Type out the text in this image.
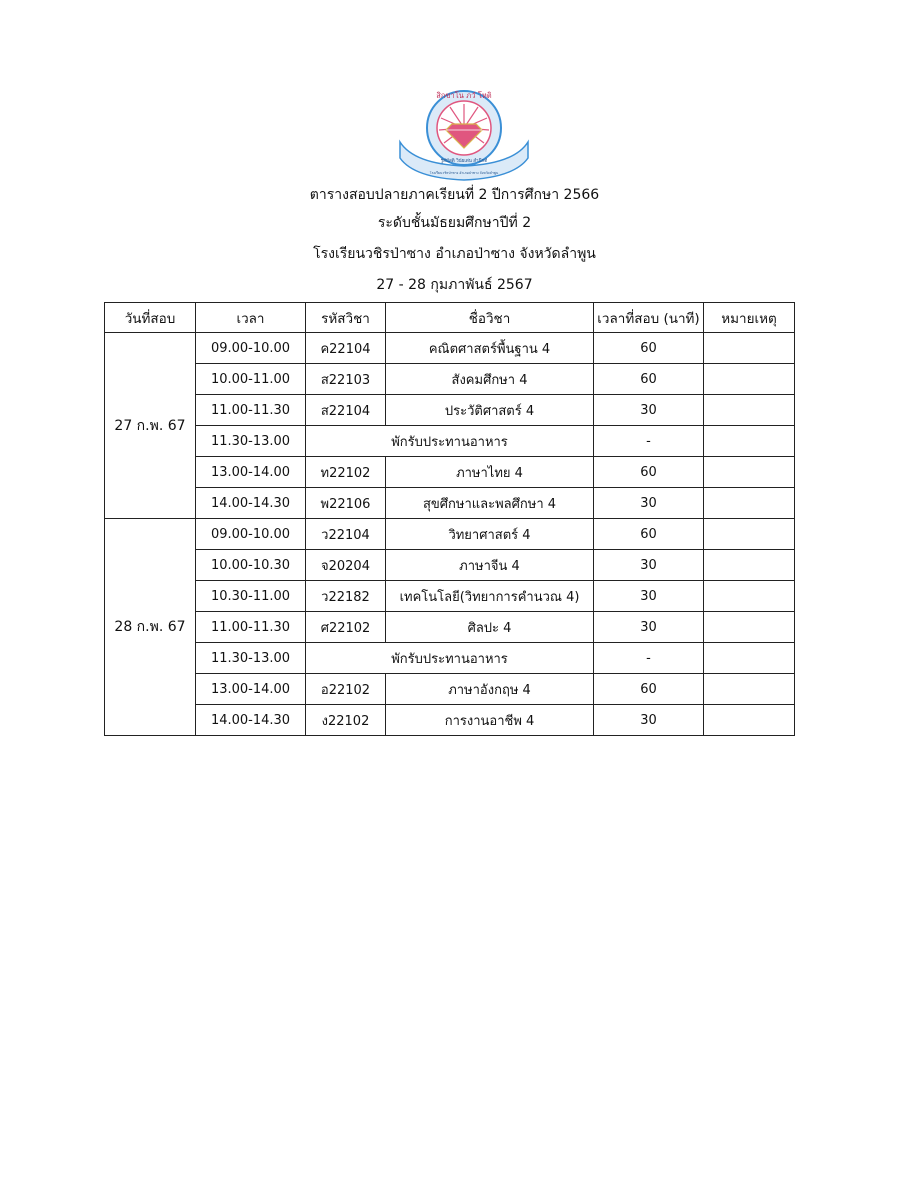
สิกขาโน ภวํ โหติ
รู้ดีมีสติ วินัยเด่น สำนึกดี
โรงเรียนวชิรป่าซาง อำเภอป่าซาง จังหวัดลำพูน
ตารางสอบปลายภาคเรียนที่ 2 ปีการศึกษา 2566
ระดับชั้นมัธยมศึกษาปีที่ 2
โรงเรียนวชิรป่าซาง อำเภอป่าซาง จังหวัดลำพูน
27 - 28 กุมภาพันธ์ 2567
วันที่สอบ	เวลา	รหัสวิชา	ชื่อวิชา	เวลาที่สอบ (นาที)	หมายเหตุ
27 ก.พ. 67	09.00-10.00	ค22104	คณิตศาสตร์พื้นฐาน 4	60	
	10.00-11.00	ส22103	สังคมศึกษา 4	60	
	11.00-11.30	ส22104	ประวัติศาสตร์ 4	30	
	11.30-13.00	พักรับประทานอาหาร		-	
	13.00-14.00	ท22102	ภาษาไทย 4	60	
	14.00-14.30	พ22106	สุขศึกษาและพลศึกษา 4	30	
28 ก.พ. 67	09.00-10.00	ว22104	วิทยาศาสตร์ 4	60	
	10.00-10.30	จ20204	ภาษาจีน 4	30	
	10.30-11.00	ว22182	เทคโนโลยี(วิทยาการคำนวณ 4)	30	
	11.00-11.30	ศ22102	ศิลปะ 4	30	
	11.30-13.00	พักรับประทานอาหาร		-	
	13.00-14.00	อ22102	ภาษาอังกฤษ 4	60	
	14.00-14.30	ง22102	การงานอาชีพ 4	30	
